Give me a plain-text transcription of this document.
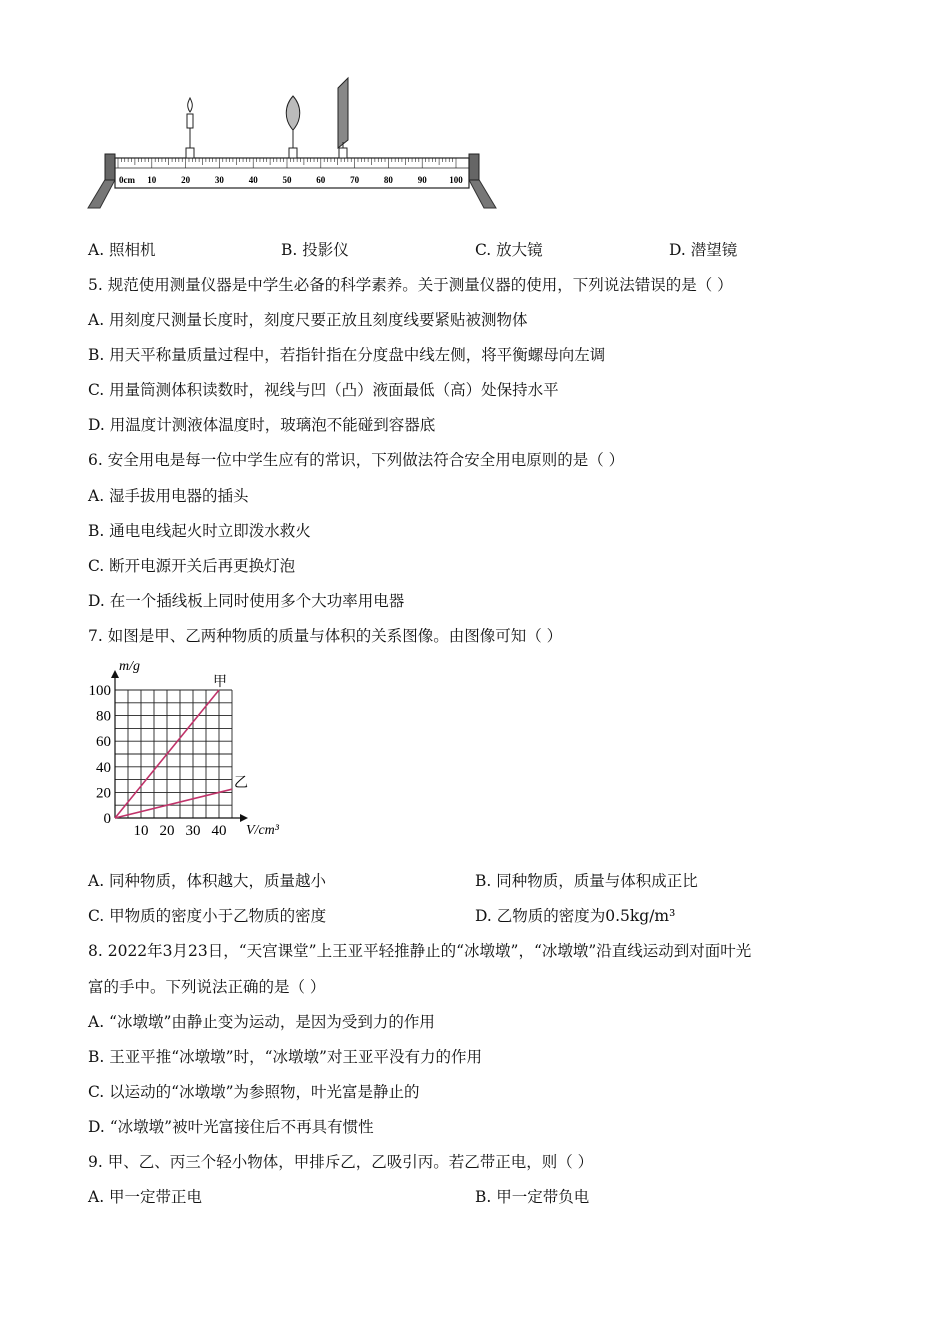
0cm 10	20	30	40	50	60	70	80	90	100
A. 照相机	B. 投影仪	C. 放大镜	D. 潜望镜
5. 规范使用测量仪器是中学生必备的科学素养。关于测量仪器的使用，下列说法错误的是（ ）
A. 用刻度尺测量长度时，刻度尺要正放且刻度线要紧贴被测物体
B. 用天平称量质量过程中，若指针指在分度盘中线左侧，将平衡螺母向左调
C. 用量筒测体积读数时，视线与凹（凸）液面最低（高）处保持水平
D. 用温度计测液体温度时，玻璃泡不能碰到容器底
6. 安全用电是每一位中学生应有的常识，下列做法符合安全用电原则的是（ ）
A. 湿手拔用电器的插头
B. 通电电线起火时立即泼水救火
C. 断开电源开关后再更换灯泡
D. 在一个插线板上同时使用多个大功率用电器
7. 如图是甲、乙两种物质的质量与体积的关系图像。由图像可知（ ）
0
20
40
60
80
100
10 20 30 40
甲
乙
m/g
V/cm³
A. 同种物质，体积越大，质量越小	B. 同种物质，质量与体积成正比
C. 甲物质的密度小于乙物质的密度	D. 乙物质的密度为0.5kg/m³
8. 2022年3月23日，“天宫课堂”上王亚平轻推静止的“冰墩墩”，“冰墩墩”沿直线运动到对面叶光
富的手中。下列说法正确的是（ ）
A. “冰墩墩”由静止变为运动，是因为受到力的作用
B. 王亚平推“冰墩墩”时，“冰墩墩”对王亚平没有力的作用
C. 以运动的“冰墩墩”为参照物，叶光富是静止的
D. “冰墩墩”被叶光富接住后不再具有惯性
9. 甲、乙、丙三个轻小物体，甲排斥乙，乙吸引丙。若乙带正电，则（ ）
A. 甲一定带正电	B. 甲一定带负电
